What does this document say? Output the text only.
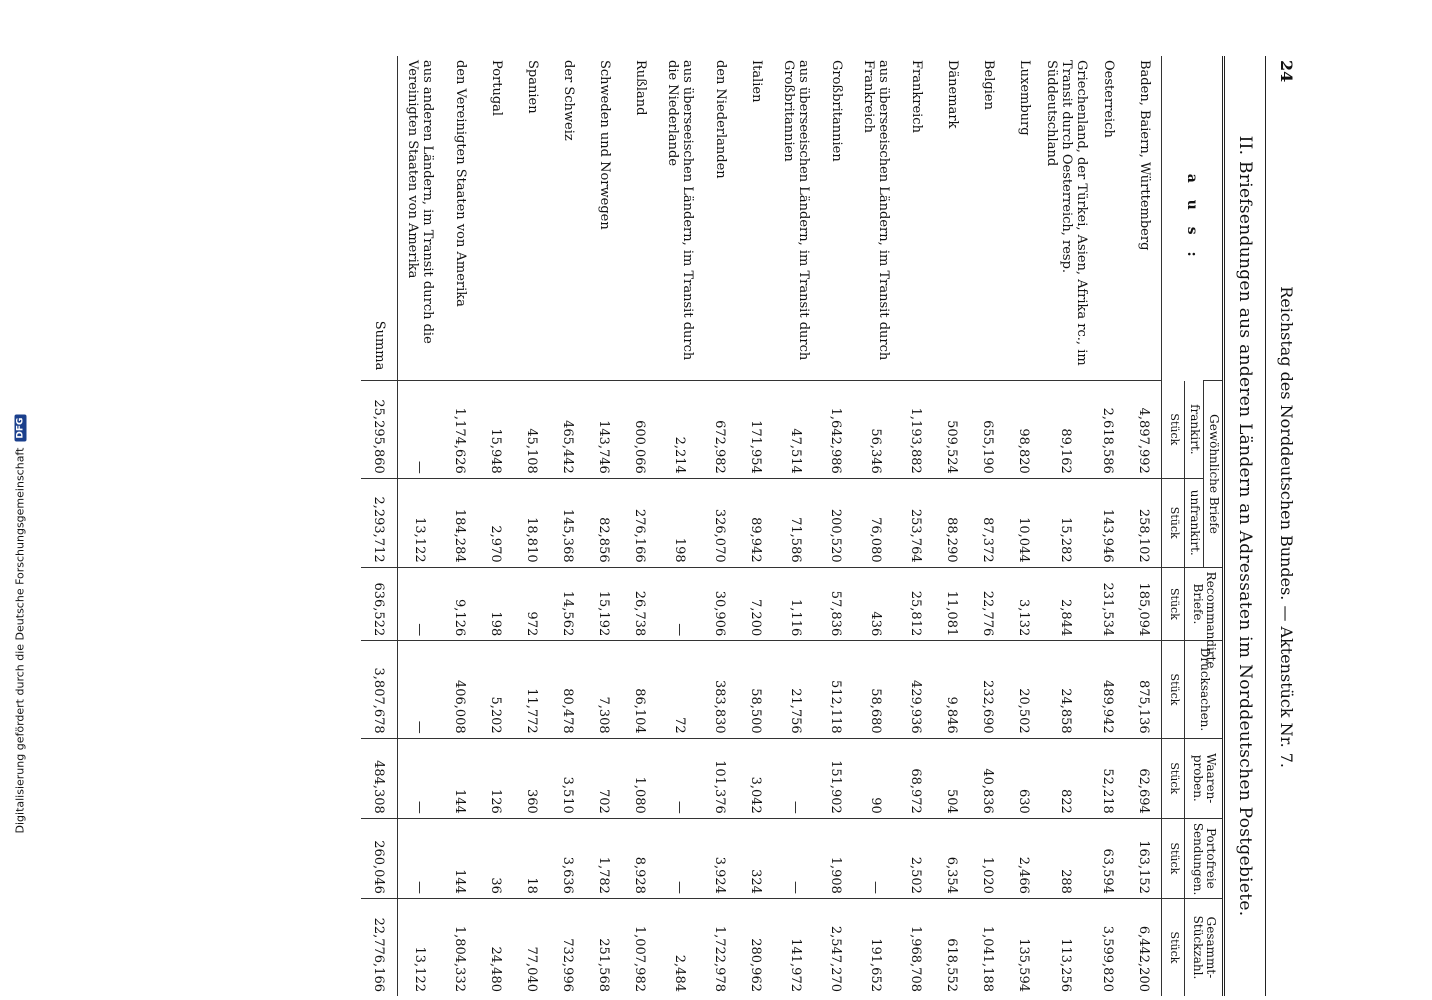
Digitalisierung gefördert durch die Deutsche Forschungsgemeinschaft
DFG
24
Reichstag des Norddeutschen Bundes. — Aktenstück Nr. 7.
II. Briefsendungen aus anderen Ländern an Adressaten im Norddeutschen Postgebiete.
a u s :	Gewöhnliche Briefe		Recommandirte Briefe.	Drucksachen.	Waaren-proben.	Portofreie Sendungen.	Gesammt-Stückzahl.
	frankirt.	unfrankirt.					
	Stück	Stück	Stück	Stück	Stück	Stück	Stück
Baden, Baiern, Württemberg	4,897,992	258,102	185,094	875,136	62,694	163,152	6,442,200
Oesterreich	2,618,586	143,946	231,534	489,942	52,218	63,594	3,599,820
Griechenland, der Türkei, Asien, Afrika rc., im Transit durch Oesterreich, resp. Süddeutschland	89,162	15,282	2,844	24,858	822	288	113,256
Luxemburg	98,820	10,044	3,132	20,502	630	2,466	135,594
Belgien	655,190	87,372	22,776	232,690	40,836	1,020	1,041,188
Dänemark	509,524	88,290	11,081	9,846	504	6,354	618,552
Frankreich	1,193,882	253,764	25,812	429,936	68,972	2,502	1,968,708
aus überseeischen Ländern, im Transit durch Frankreich	56,346	76,080	436	58,680	90	—	191,652
Großbritannien	1,642,986	200,520	57,836	512,118	151,902	1,908	2,547,270
aus überseeischen Ländern, im Transit durch Großbritannien	47,514	71,586	1,116	21,756	—	—	141,972
Italien	171,954	89,942	7,200	58,500	3,042	324	280,962
den Niederlanden	672,982	326,070	30,906	383,830	101,376	3,924	1,722,978
aus überseeischen Ländern, im Transit durch die Niederlande	2,214	198	—	72	—	—	2,484
Rußland	600,066	276,166	26,738	86,104	1,080	8,928	1,007,982
Schweden und Norwegen	143,746	82,856	15,192	7,308	702	1,782	251,568
der Schweiz	465,442	145,368	14,562	80,478	3,510	3,636	732,996
Spanien	45,108	18,810	972	11,772	360	18	77,040
Portugal	15,948	2,970	198	5,202	126	36	24,480
den Vereinigten Staaten von Amerika	1,174,626	184,284	9,126	406,008	144	144	1,804,332
aus anderen Ländern, im Transit durch die Vereinigten Staaten von Amerika	—	13,122	—	—	—	—	13,122
Summa	25,295,860	2,293,712	636,522	3,807,678	484,308	260,046	22,776,166
